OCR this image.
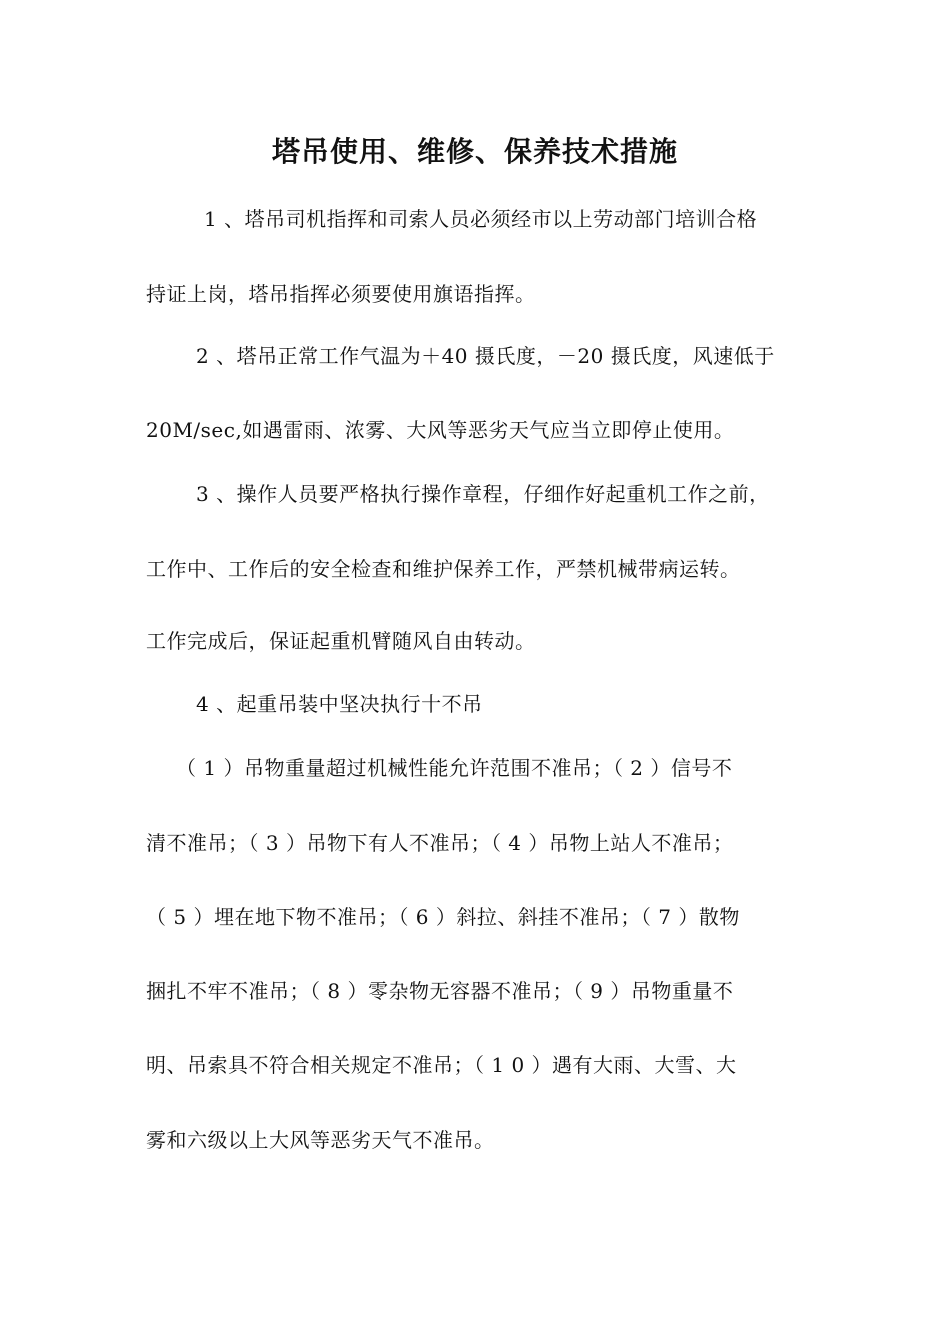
塔吊使用、维修、保养技术措施
1 、塔吊司机指挥和司索人员必须经市以上劳动部门培训合格
持证上岗，塔吊指挥必须要使用旗语指挥。
2 、塔吊正常工作气温为＋40 摄氏度，－20 摄氏度，风速低于
20M/sec,如遇雷雨、浓雾、大风等恶劣天气应当立即停止使用。
3 、操作人员要严格执行操作章程，仔细作好起重机工作之前，
工作中、工作后的安全检查和维护保养工作，严禁机械带病运转。
工作完成后，保证起重机臂随风自由转动。
4 、起重吊装中坚决执行十不吊
（ 1 ）吊物重量超过机械性能允许范围不准吊；（ 2 ）信号不
清不准吊；（ 3 ）吊物下有人不准吊；（ 4 ）吊物上站人不准吊；
（ 5 ）埋在地下物不准吊；（ 6 ）斜拉、斜挂不准吊；（ 7 ）散物
捆扎不牢不准吊；（ 8 ）零杂物无容器不准吊；（ 9 ）吊物重量不
明、吊索具不符合相关规定不准吊；（ 1 0 ）遇有大雨、大雪、大
雾和六级以上大风等恶劣天气不准吊。
